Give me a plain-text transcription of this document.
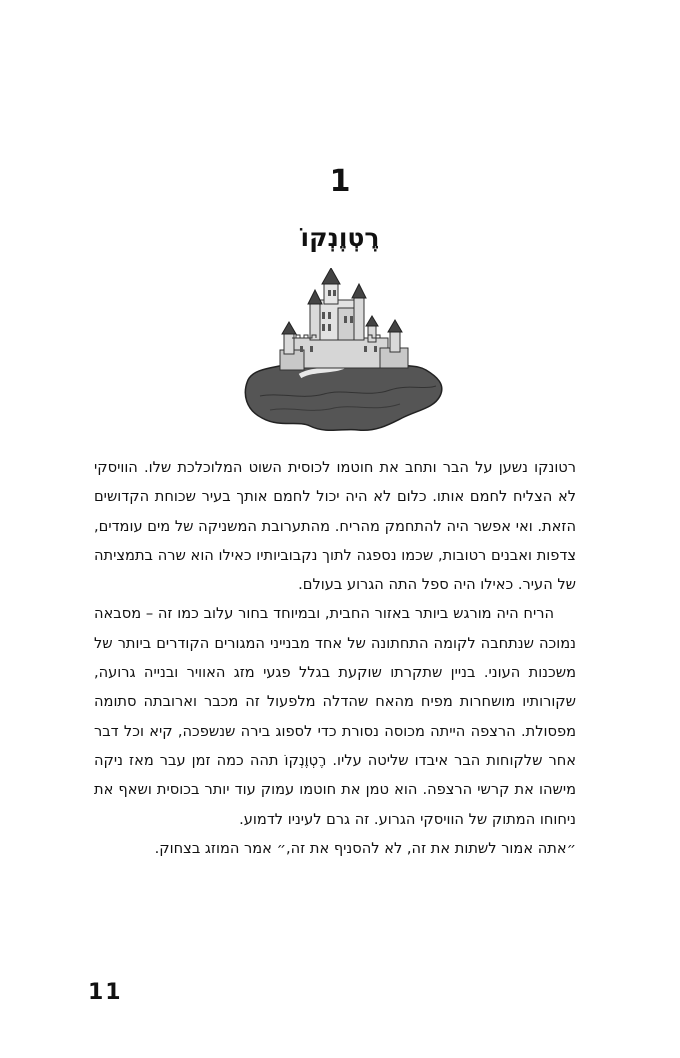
1
רֶטְוֶנְקוֹ

רטונקו נשען על הבר ותחב את חוטמו לכוסית השוט המלוכלכת שלו. הוויסקי לא הצליח לחמם אותו. כלום לא היה יכול לחמם אותך בעיר שכוחת הקדושים הזאת. ואי אפשר היה להתחמק מהריח. מהתערובת המשניקה של מים עומדים, צדפות ואבנים רטובות, שכמו נספגה לתוך נקבוביותיו כאילו הוא שרה בתמציתה של העיר. כאילו היה ספל התה הגרוע בעולם.

הריח היה מורגש ביותר באזור החבית, ובמיוחד בחור עלוב כמו זה – מסבאה נמוכה שנתחבה לקומה התחתונה של אחד מבנייני המגורים הקודרים ביותר של משכנות העוני. בניין שתקרתו שוקעת בגלל פגעי מזג האוויר ובנייה גרועה, שקורותיו מושחרות מפיח מהאח שהדלה מלפעול זה מכבר וארובתה סתומה מפסולת. הרצפה הייתה מכוסה נסורת כדי לספוג בירה שנשפכה, קיא וכל דבר אחר שלקוחות הבר איבדו שליטה עליו. רֶטְוֶנְקוֹ תהה כמה זמן עבר מאז ניקה מישהו את קרשי הרצפה. הוא טמן את חוטמו עמוק עוד יותר בכוסית ושאף את ניחוחו המתוק של הוויסקי הגרוע. זה גרם לעיניו לדמוע.

״אתה אמור לשתות את זה, לא להסניף את זה,״ אמר המוזג בצחוק.

11
